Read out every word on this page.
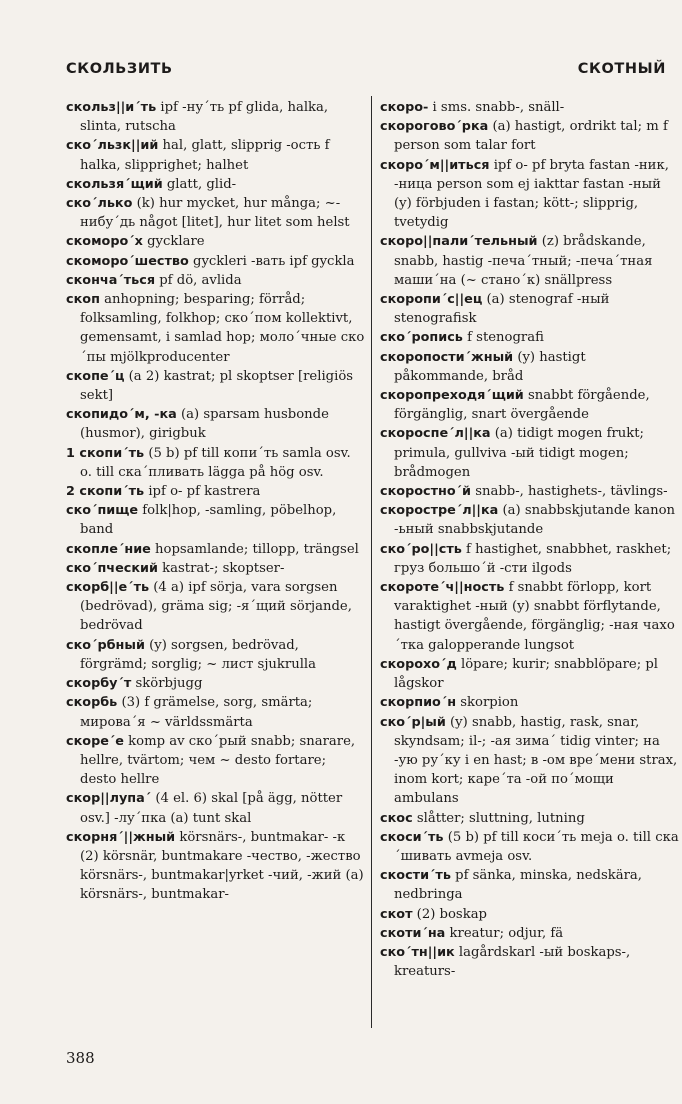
СКОЛЬЗИТЬ	СКОТНЫЙ
скольз||и´ть ipf -ну´ть pf glida, halka, slinta, rutscha
ско´льзк||ий hal, glatt, slipprig -ость f halka, slipprighet; halhet
скользя´щий glatt, glid-
ско´лько (k) hur mycket, hur många; ~-нибу´дь något [litet], hur litet som helst
скомоpo´х gycklare
скоморо´шество gyckleri -вать ipf gyckla
сконча´ться pf dö, avlida
скоп anhopning; besparing; förråd; folksamling, folkhop; ско´пом kollektivt, gemensamt, i samlad hop; моло´чные ско´пы mjölkproducenter
скопе´ц (a 2) kastrat; pl skoptser [religiös sekt]
скопидо´м, -ка (a) sparsam husbonde (husmor), girigbuk
1 скопи´ть (5 b) pf till копи´ть samla osv. o. till ска´пливать lägga på hög osv.
2 скопи´ть ipf o- pf kastrera
ско´пище folk|hop, -samling, pöbelhop, band
скопле´ние hopsamlande; tillopp, trängsel
ско´пческий kastrat-; skoptser-
скорб||е´ть (4 a) ipf sörja, vara sorgsen (bedrövad), gräma sig; -я´щий sörjande, bedrövad
ско´рбный (y) sorgsen, bedrövad, förgrämd; sorglig; ~ лист sjukrulla
скорбу´т skörbjugg
скорбь (3) f grämelse, sorg, smärta; мирова´я ~ världssmärta
скоре´е komp av ско´рый snabb; snarare, hellre, tvärtom; чем ~ desto fortare; desto hellre
скор||лупа´ (4 el. 6) skal [på ägg, nötter osv.] -лу´пка (a) tunt skal
скорня´||жный körsnärs-, buntmakar- -к (2) körsnär, buntmakare -чество, -жество körsnärs-, buntmakar|yrket -чий, -жий (a) körsnärs-, buntmakar-
скоро- i sms. snabb-, snäll-
скорогово´рка (a) hastigt, ordrikt tal; m f person som talar fort
скоро´м||иться ipf o- pf bryta fastan -ник, -ница person som ej iakttar fastan -ный (y) förbjuden i fastan; kött-; slipprig, tvetydig
скоро||пали´тельный (z) brådskande, snabb, hastig -печа´тный; -печа´тная маши´на (~ стано´к) snällpress
скоропи´с||ец (a) stenograf -ный stenografisk
ско´ропись f stenografi
скоропости´жный (y) hastigt påkommande, bråd
скоропреходя´щий snabbt förgående, förgänglig, snart övergående
скороспе´л||ка (a) tidigt mogen frukt; primula, gullviva -ый tidigt mogen; brådmogen
скоростно´й snabb-, hastighets-, tävlings-
скорострe´л||ка (a) snabbskjutande kanon -ьный snabbskjutande
ско´ро||сть f hastighet, snabbhet, raskhet; груз большо´й -сти ilgods
скороте´ч||ность f snabbt förlopp, kort varaktighet -ный (y) snabbt förflytande, hastigt övergående, förgänglig; -ная чахо´тка galopperande lungsot
скорохо´д löpare; kurir; snabblöpare; pl lågskor
скорпио´н skorpion
ско´р|ый (y) snabb, hastig, rask, snar, skyndsam; il-; -ая зима´ tidig vinter; на -ую ру´ку i en hast; в -ом вре´мени strax, inom kort; каре´та -ой по´мощи ambulans
скос slåtter; sluttning, lutning
скоси´ть (5 b) pf till коси´ть meja o. till ска´шивать avmeja osv.
скости´ть pf sänka, minska, nedskära, nedbringa
скот (2) boskap
скоти´на kreatur; odjur, fä
ско´тн||ик lagårdskarl -ый boskaps-, kreaturs-
388
